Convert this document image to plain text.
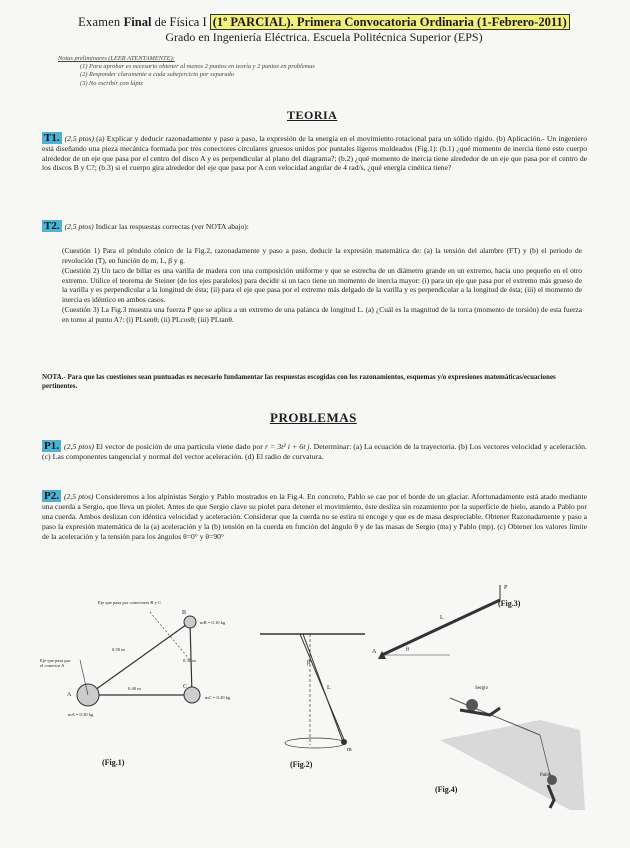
Examen Final de Física I (1º PARCIAL). Primera Convocatoria Ordinaria (1-Febrero-2011)
Grado en Ingeniería Eléctrica. Escuela Politécnica Superior (EPS)
Notas preliminares (LEER ATENTAMENTE):
(1) Para aprobar es necesario obtener al menos 2 puntos en teoría y 2 puntos en problemas
(2) Responder claramente a cada subejercicio por separado
(3) No escribir con lápiz
TEORIA
T1. (2,5 ptos) (a) Explicar y deducir razonadamente y paso a paso, la expresión de la energía en el movimiento rotacional para un sólido rígido. (b) Aplicación.- Un ingeniero está diseñando una pieza mecánica formada por tres conectores circulares gruesos unidos por puntales ligeros moldeados (Fig.1): (b.1) ¿qué momento de inercia tiene este cuerpo alrededor de un eje que pasa por el centro del disco A y es perpendicular al plano del diagrama?; (b.2) ¿qué momento de inercia tiene alrededor de un eje que pasa por el centro de los discos B y C?; (b.3) si el cuerpo gira alrededor del eje que pasa por A con velocidad angular de 4 rad/s, ¿qué energía cinética tiene?
T2. (2,5 ptos) Indicar las respuestas correctas (ver NOTA abajo):

(Cuestión 1) Para el péndulo cónico de la Fig.2, razonadamente y paso a paso, deducir la expresión matemática de: (a) la tensión del alambre (FT) y (b) el periodo de revolución (T), en función de m, L, β y g.

(Cuestión 2) Un taco de billar es una varilla de madera con una composición uniforme y que se estrecha de un diámetro grande en un extremo, hacia uno pequeño en el otro extremo. Utilice el teorema de Steiner (de los ejes paralelos) para decidir si un taco tiene un momento de inercia mayor: (i) para un eje que pasa por el extremo más grueso de la varilla y es perpendicular a la longitud de ésta; (ii) para el eje que pasa por el extremo más delgado de la varilla y es perpendicular a la longitud de ésta; (iii) el momento de inercia es idéntico en ambos casos.

(Cuestión 3) La Fig.3 muestra una fuerza P que se aplica a un extremo de una palanca de longitud L. (a) ¿Cuál es la magnitud de la torca (momento de torsión) de esta fuerza en torno al punto A?: (i) PLsenθ; (ii) PLcosθ; (iii) PLtanθ.

NOTA.- Para que las cuestiones sean puntuadas es necesario fundamentar las respuestas escogidas con los razonamientos, esquemas y/o expresiones matemáticas/ecuaciones pertinentes.
PROBLEMAS
P1. (2,5 ptos) El vector de posición de una partícula viene dado por r = 3t² i + 6t j. Determinar: (a) La ecuación de la trayectoria. (b) Los vectores velocidad y aceleración. (c) Las componentes tangencial y normal del vector aceleración. (d) El radio de curvatura.
P2. (2,5 ptos) Consideremos a los alpinistas Sergio y Pablo mostrados en la Fig.4. En concreto, Pablo se cae por el borde de un glaciar. Afortunadamente está atado mediante una cuerda a Sergio, que lleva un piolet. Antes de que Sergio clave su piolet para detener el movimiento, éste desliza sin rozamiento por la superficie de hielo, atando a Pablo por una cuerda. Ambos deslizan con idéntica velocidad y aceleración. Considerar que la cuerda no se estira ni encoge y que es de masa despreciable. Obtener Razonadamente y paso a paso la expresión matemática de la (a) aceleración y la (b) tensión en la cuerda en función del ángulo θ y de las masas de Sergio (ms) y Pablo (mp). (c) Obtener los valores límite de la aceleración y la tensión para los ángulos θ=0° y θ=90°
Eje que pasa por conectores B y C
Eje que pasa por el conector A
mB = 0.10 kg
mC = 0.20 kg
mA = 0.30 kg
0.50 m
0.30 m
0.40 m
A
B
C
(Fig.1)
β
L
m
(Fig.2)
P
A	θ
L
(Fig.3)
Sergio
Pablo
(Fig.4)
